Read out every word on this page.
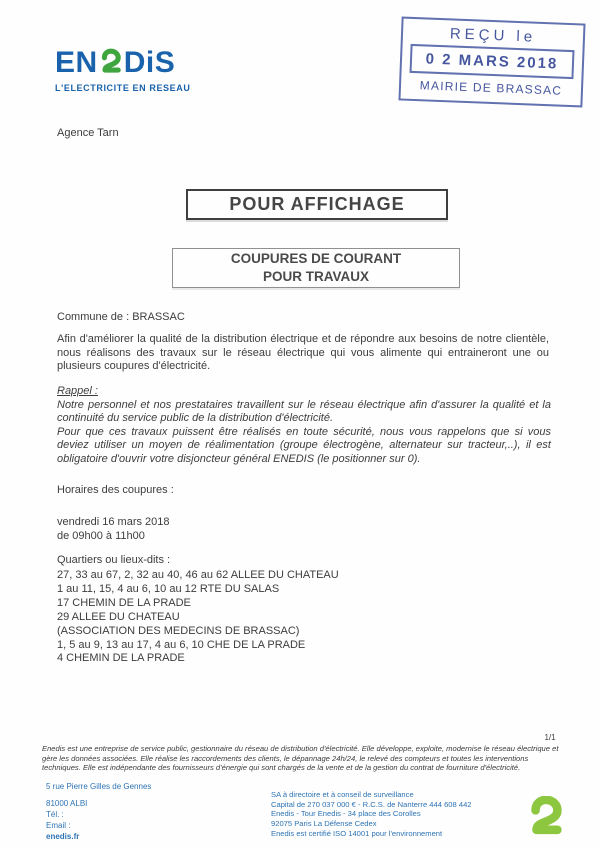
EN DiS
L'ELECTRICITE EN RESEAU
REÇU le
0 2 MARS 2018
MAIRIE DE BRASSAC
Agence Tarn
POUR AFFICHAGE
COUPURES DE COURANT
POUR TRAVAUX
Commune de : BRASSAC
Afin d'améliorer la qualité de la distribution électrique et de répondre aux besoins de notre clientèle, nous réalisons des travaux sur le réseau électrique qui vous alimente qui entraineront une ou plusieurs coupures d'électricité.
Rappel :
Notre personnel et nos prestataires travaillent sur le réseau électrique afin d'assurer la qualité et la continuité du service public de la distribution d'électricité.
Pour que ces travaux puissent être réalisés en toute sécurité, nous vous rappelons que si vous deviez utiliser un moyen de réalimentation (groupe électrogène, alternateur sur tracteur,..), il est obligatoire d'ouvrir votre disjoncteur général ENEDIS (le positionner sur 0).
Horaires des coupures :
vendredi 16 mars 2018
de 09h00 à 11h00
Quartiers ou lieux-dits :
27, 33 au 67, 2, 32 au 40, 46 au 62 ALLEE DU CHATEAU
1 au 11, 15, 4 au 6, 10 au 12 RTE DU SALAS
17 CHEMIN DE LA PRADE
29 ALLEE DU CHATEAU
(ASSOCIATION DES MEDECINS DE BRASSAC)
1, 5 au 9, 13 au 17, 4 au 6, 10 CHE DE LA PRADE
4 CHEMIN DE LA PRADE
1/1
Enedis est une entreprise de service public, gestionnaire du réseau de distribution d'électricité. Elle développe, exploite, modernise le réseau électrique et gère les données associées. Elle réalise les raccordements des clients, le dépannage 24h/24, le relevé des compteurs et toutes les interventions techniques. Elle est indépendante des fournisseurs d'énergie qui sont chargés de la vente et de la gestion du contrat de fourniture d'électricité.
5 rue Pierre Gilles de Gennes
81000 ALBI
Tél. :
Email :
enedis.fr
SA à directoire et à conseil de surveillance
Capital de 270 037 000 € - R.C.S. de Nanterre 444 608 442
Enedis - Tour Enedis - 34 place des Corolles
92075 Paris La Défense Cedex
Enedis est certifié ISO 14001 pour l'environnement
